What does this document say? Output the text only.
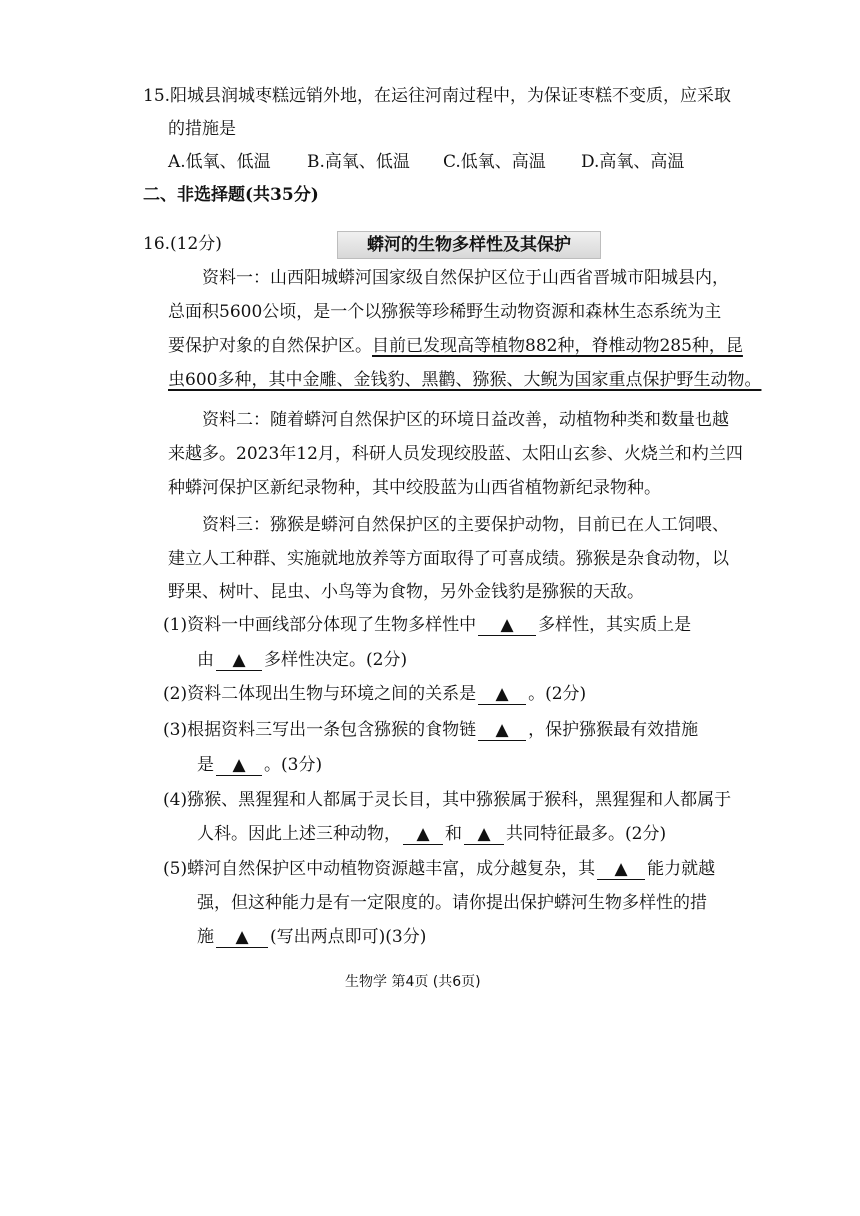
15.阳城县润城枣糕远销外地，在运往河南过程中，为保证枣糕不变质，应采取
的措施是
A.低氧、低温 B.高氧、低温 C.低氧、高温 D.高氧、高温
二、非选择题(共35分)
16.(12分)	蟒河的生物多样性及其保护
资料一：山西阳城蟒河国家级自然保护区位于山西省晋城市阳城县内，
总面积5600公顷，是一个以猕猴等珍稀野生动物资源和森林生态系统为主
要保护对象的自然保护区。目前已发现高等植物882种，脊椎动物285种，昆
虫600多种，其中金雕、金钱豹、黑鹳、猕猴、大鲵为国家重点保护野生动物。
资料二：随着蟒河自然保护区的环境日益改善，动植物种类和数量也越
来越多。2023年12月，科研人员发现绞股蓝、太阳山玄参、火烧兰和杓兰四
种蟒河保护区新纪录物种，其中绞股蓝为山西省植物新纪录物种。
资料三：猕猴是蟒河自然保护区的主要保护动物，目前已在人工饲喂、
建立人工种群、实施就地放养等方面取得了可喜成绩。猕猴是杂食动物，以
野果、树叶、昆虫、小鸟等为食物，另外金钱豹是猕猴的天敌。
(1)资料一中画线部分体现了生物多样性中 ▲ 多样性，其实质上是
由 ▲ 多样性决定。(2分)
(2)资料二体现出生物与环境之间的关系是 ▲ 。(2分)
(3)根据资料三写出一条包含猕猴的食物链 ▲ ，保护猕猴最有效措施
是 ▲ 。(3分)
(4)猕猴、黑猩猩和人都属于灵长目，其中猕猴属于猴科，黑猩猩和人都属于
人科。因此上述三种动物， ▲ 和 ▲ 共同特征最多。(2分)
(5)蟒河自然保护区中动植物资源越丰富，成分越复杂，其 ▲ 能力就越
强，但这种能力是有一定限度的。请你提出保护蟒河生物多样性的措
施 ▲ (写出两点即可)(3分)
生物学 第4页 (共6页)
